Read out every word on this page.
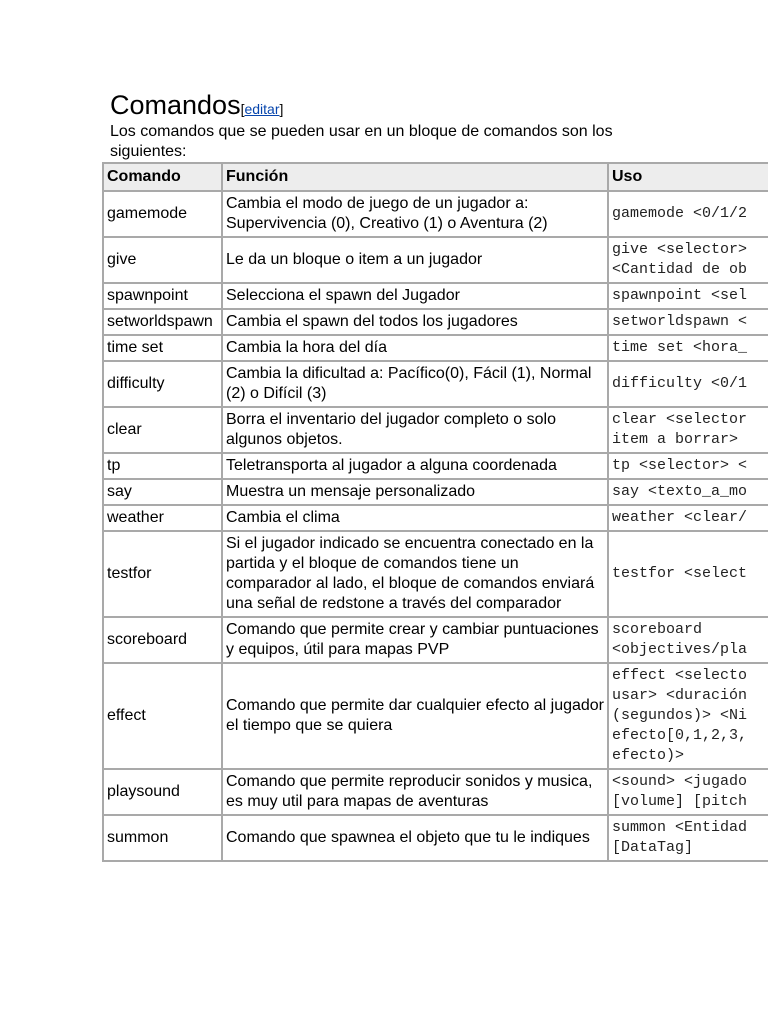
Comandos[editar]
Los comandos que se pueden usar en un bloque de comandos son los siguientes:
Comando	Función	Uso
gamemode	Cambia el modo de juego de un jugador a: Supervivencia (0), Creativo (1) o Aventura (2)	gamemode <0/1/2
give	Le da un bloque o item a un jugador	give <selector>
<Cantidad de ob
spawnpoint	Selecciona el spawn del Jugador	spawnpoint <sel
setworldspawn	Cambia el spawn del todos los jugadores	setworldspawn <
time set	Cambia la hora del día	time set <hora_
difficulty	Cambia la dificultad a: Pacífico(0), Fácil (1), Normal (2) o Difícil (3)	difficulty <0/1
clear	Borra el inventario del jugador completo o solo algunos objetos.	clear <selector
item a borrar>
tp	Teletransporta al jugador a alguna coordenada	tp <selector> <
say	Muestra un mensaje personalizado	say <texto_a_mo
weather	Cambia el clima	weather <clear/
testfor	Si el jugador indicado se encuentra conectado en la partida y el bloque de comandos tiene un comparador al lado, el bloque de comandos enviará una señal de redstone a través del comparador	testfor <select
scoreboard	Comando que permite crear y cambiar puntuaciones y equipos, útil para mapas PVP	scoreboard
<objectives/pla
effect	Comando que permite dar cualquier efecto al jugador el tiempo que se quiera	effect <selecto
usar> <duración
(segundos)> <Ni
efecto[0,1,2,3,
efecto)>
playsound	Comando que permite reproducir sonidos y musica, es muy util para mapas de aventuras	<sound> <jugado
[volume] [pitch
summon	Comando que spawnea el objeto que tu le indiques	summon <Entidad
[DataTag]
